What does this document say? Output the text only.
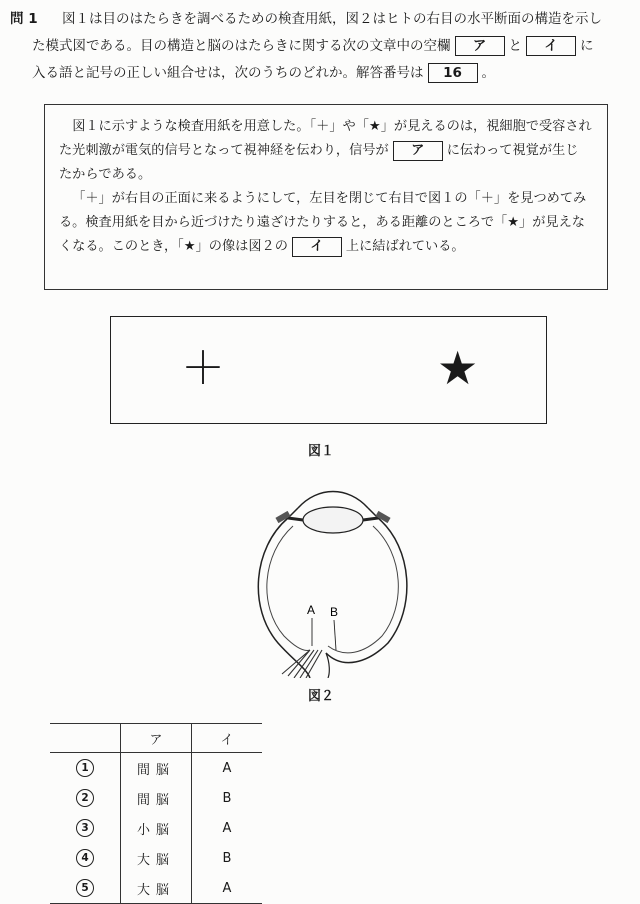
問 1 図１は目のはたらきを調べるための検査用紙，図２はヒトの右目の水平断面の構造を示し
た模式図である。目の構造と脳のはたらきに関する次の文章中の空欄 ア と イ に
入る語と記号の正しい組合せは，次のうちのどれか。解答番号は 16 。

図１に示すような検査用紙を用意した。「＋」や「★」が見えるのは，視細胞で受容され

た光刺激が電気的信号となって視神経を伝わり，信号が ア に伝わって視覚が生じ
たからである。

「＋」が右目の正面に来るようにして，左目を閉じて右目で図１の「＋」を見つめてみ

る。検査用紙を目から近づけたり遠ざけたりすると，ある距離のところで「★」が見えな
くなる。このとき，「★」の像は図２の イ 上に結ばれている。
＋	★
図１
A B
図２
	ア	イ
1	間脳	A
2	間脳	B
3	小脳	A
4	大脳	B
5	大脳	A
